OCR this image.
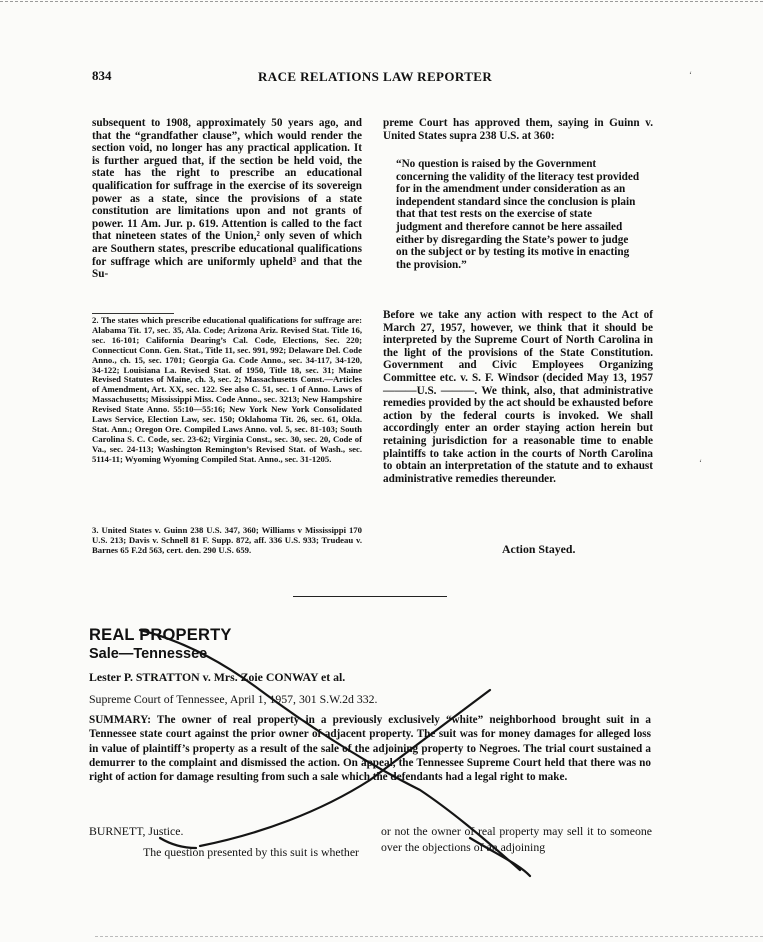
834	RACE RELATIONS LAW REPORTER
subsequent to 1908, approximately 50 years ago, and that the “grandfather clause”, which would render the section void, no longer has any practical application. It is further argued that, if the section be held void, the state has the right to prescribe an educational qualification for suffrage in the exercise of its sovereign power as a state, since the provisions of a state constitution are limitations upon and not grants of power. 11 Am. Jur. p. 619. Attention is called to the fact that nineteen states of the Union,² only seven of which are Southern states, prescribe educational qualifications for suffrage which are uniformly upheld³ and that the Su-
2. The states which prescribe educational qualifications for suffrage are: Alabama Tit. 17, sec. 35, Ala. Code; Arizona Ariz. Revised Stat. Title 16, sec. 16-101; California Dearing’s Cal. Code, Elections, Sec. 220; Connecticut Conn. Gen. Stat., Title 11, sec. 991, 992; Delaware Del. Code Anno., ch. 15, sec. 1701; Georgia Ga. Code Anno., sec. 34-117, 34-120, 34-122; Louisiana La. Revised Stat. of 1950, Title 18, sec. 31; Maine Revised Statutes of Maine, ch. 3, sec. 2; Massachusetts Const.—Articles of Amendment, Art. XX, sec. 122. See also C. 51, sec. 1 of Anno. Laws of Massachusetts; Mississippi Miss. Code Anno., sec. 3213; New Hampshire Revised State Anno. 55:10—55:16; New York New York Consolidated Laws Service, Election Law, sec. 150; Oklahoma Tit. 26, sec. 61, Okla. Stat. Ann.; Oregon Ore. Compiled Laws Anno. vol. 5, sec. 81-103; South Carolina S. C. Code, sec. 23-62; Virginia Const., sec. 30, sec. 20, Code of Va., sec. 24-113; Washington Remington’s Revised Stat. of Wash., sec. 5114-11; Wyoming Wyoming Compiled Stat. Anno., sec. 31-1205.
3. United States v. Guinn 238 U.S. 347, 360; Williams v Mississippi 170 U.S. 213; Davis v. Schnell 81 F. Supp. 872, aff. 336 U.S. 933; Trudeau v. Barnes 65 F.2d 563, cert. den. 290 U.S. 659.
preme Court has approved them, saying in Guinn v. United States supra 238 U.S. at 360:
“No question is raised by the Government concerning the validity of the literacy test provided for in the amendment under consideration as an independent standard since the conclusion is plain that that test rests on the exercise of state judgment and therefore cannot be here assailed either by disregarding the State’s power to judge on the subject or by testing its motive in enacting the provision.”
Before we take any action with respect to the Act of March 27, 1957, however, we think that it should be interpreted by the Supreme Court of North Carolina in the light of the provisions of the State Constitution. Government and Civic Employees Organizing Committee etc. v. S. F. Windsor (decided May 13, 1957———U.S. ———. We think, also, that administrative remedies provided by the act should be exhausted before action by the federal courts is invoked. We shall accordingly enter an order staying action herein but retaining jurisdiction for a reasonable time to enable plaintiffs to take action in the courts of North Carolina to obtain an interpretation of the statute and to exhaust administrative remedies thereunder.
Action Stayed.
REAL PROPERTY
Sale—Tennessee
Lester P. STRATTON v. Mrs. Zoie CONWAY et al.
Supreme Court of Tennessee, April 1, 1957, 301 S.W.2d 332.
SUMMARY: The owner of real property in a previously exclusively “white” neighborhood brought suit in a Tennessee state court against the prior owner of adjacent property. The suit was for money damages for alleged loss in value of plaintiff’s property as a result of the sale of the adjoining property to Negroes. The trial court sustained a demurrer to the complaint and dismissed the action. On appeal, the Tennessee Supreme Court held that there was no right of action for damage resulting from such a sale which the defendants had a legal right to make.
BURNETT, Justice.
The question presented by this suit is whether
or not the owner of real property may sell it to someone over the objections of an adjoining
ʻ
ʻ
